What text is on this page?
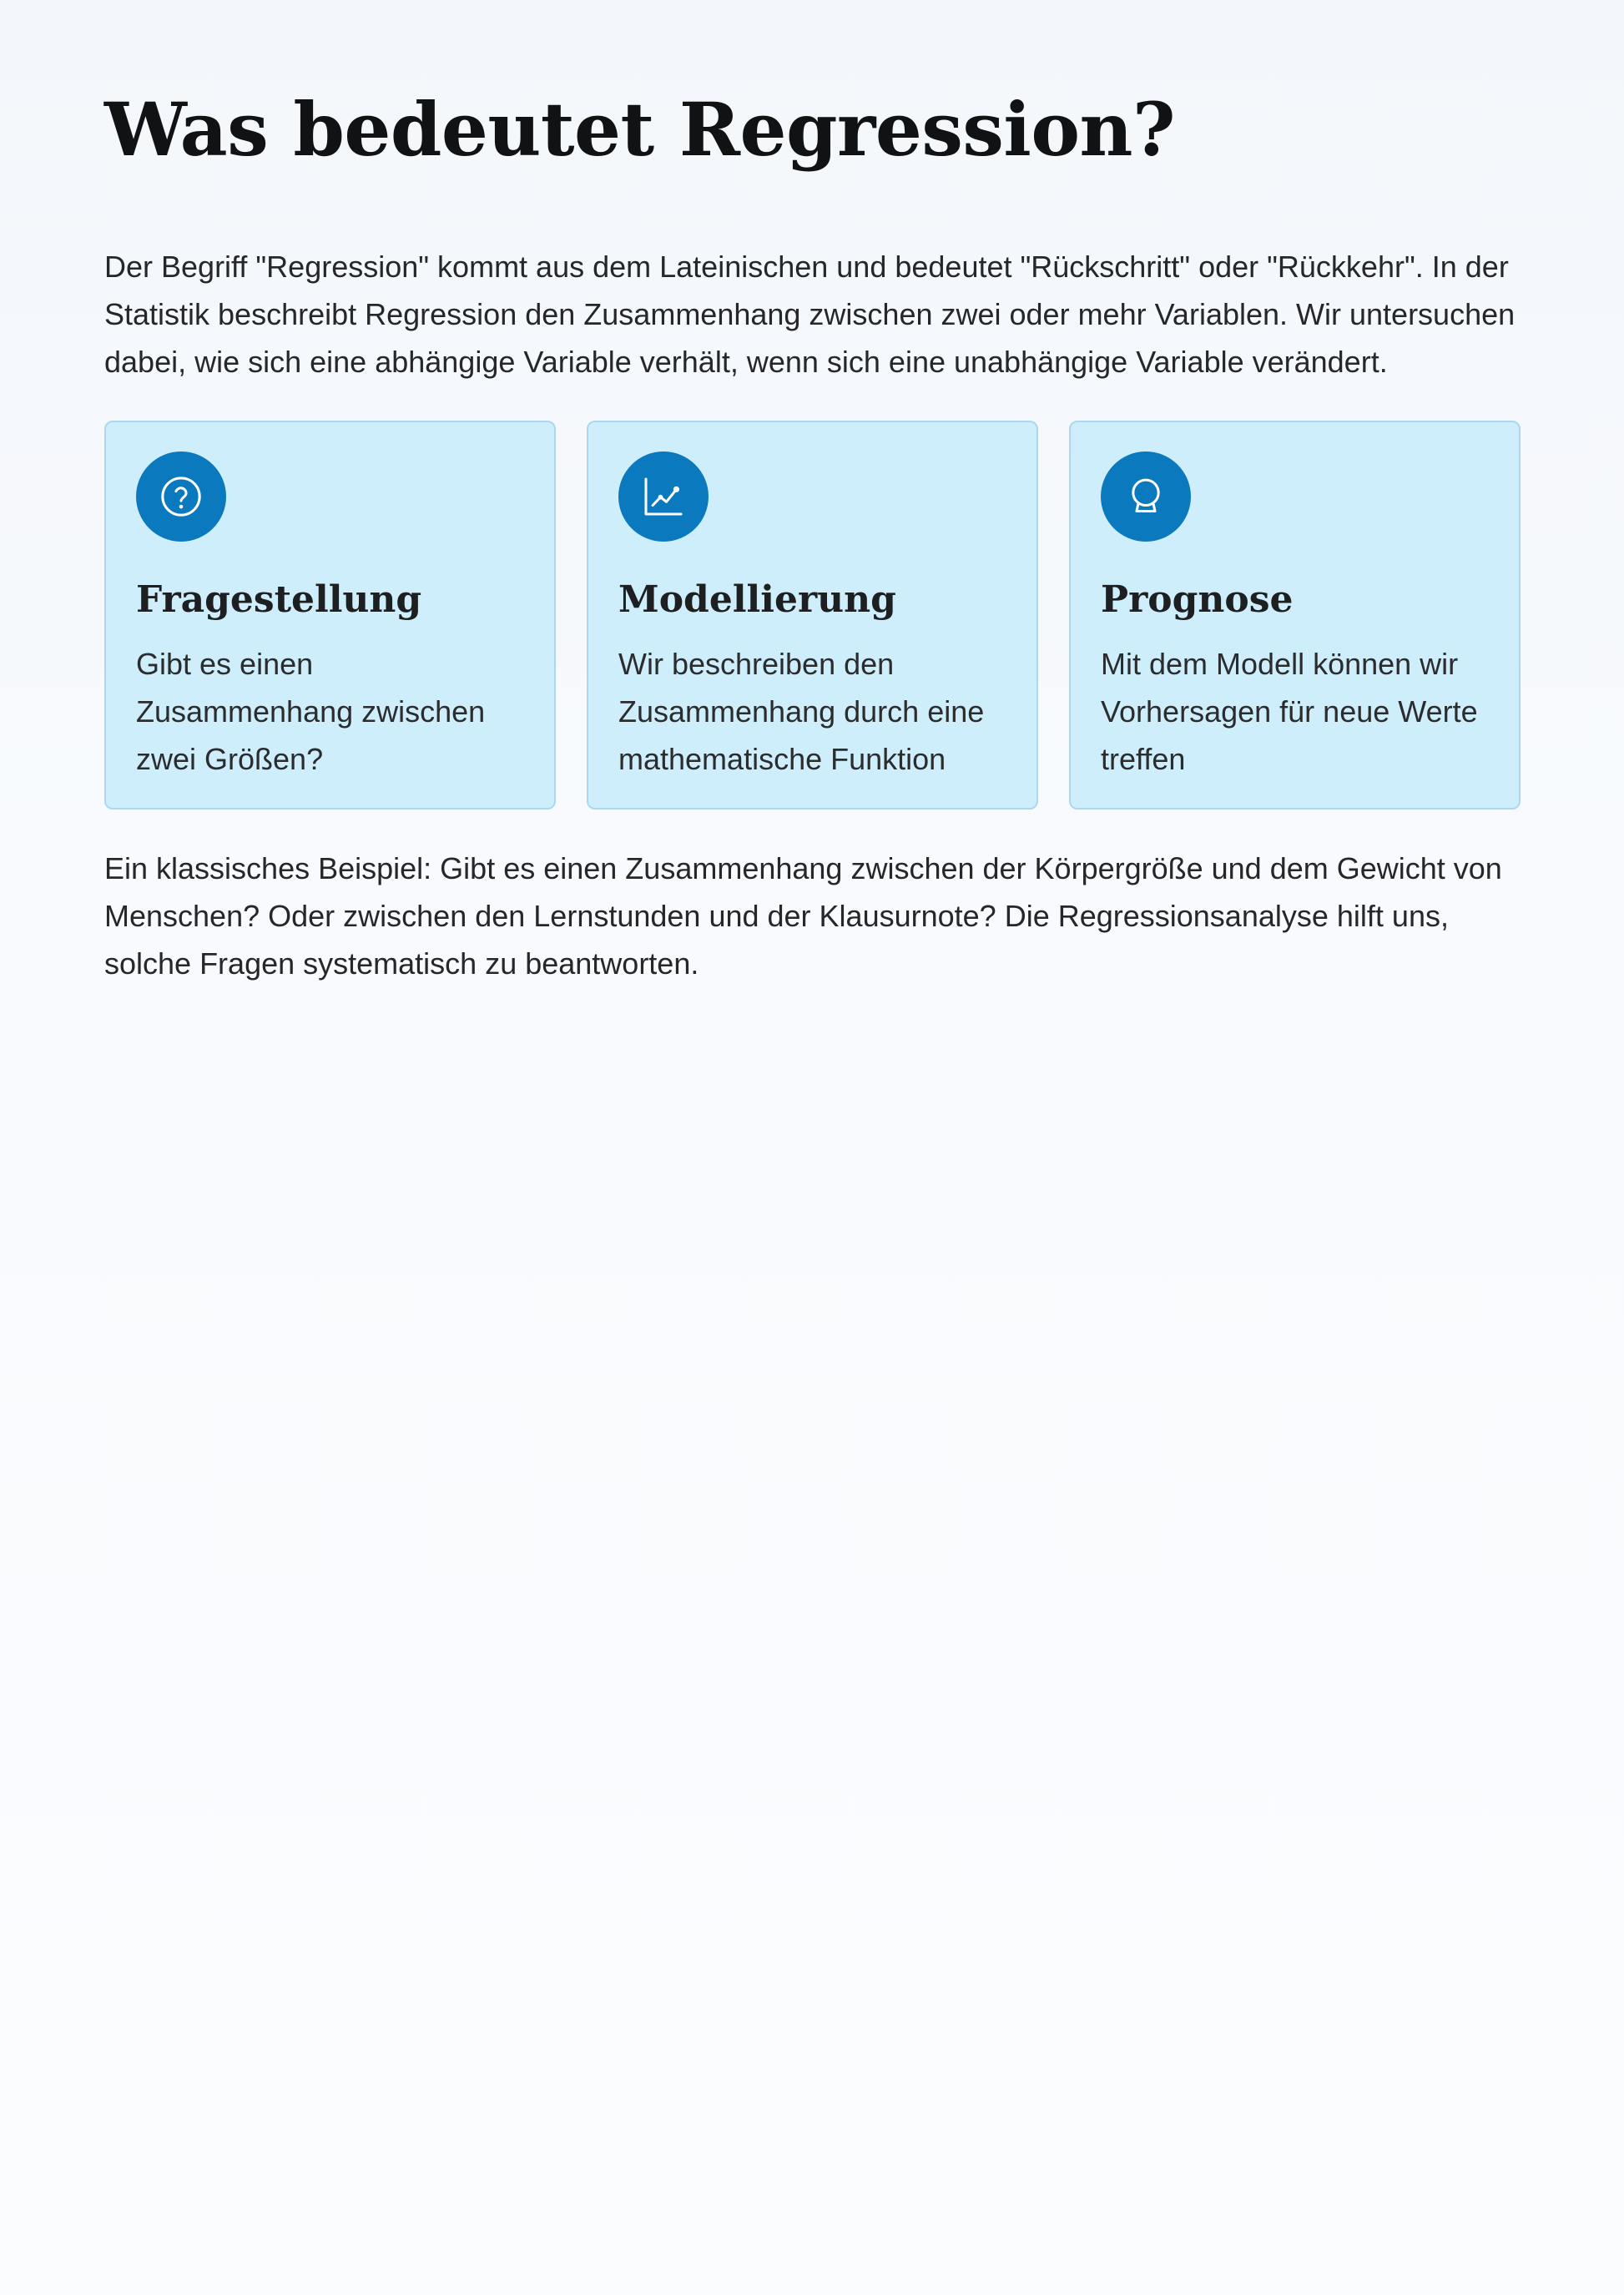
Was bedeutet Regression?

Der Begriff "Regression" kommt aus dem Lateinischen und bedeutet "Rückschritt" oder "Rückkehr". In der Statistik beschreibt Regression den Zusammenhang zwischen zwei oder mehr Variablen. Wir untersuchen dabei, wie sich eine abhängige Variable verhält, wenn sich eine unabhängige Variable verändert.

Fragestellung

Gibt es einen Zusammenhang zwischen zwei Größen?

Modellierung

Wir beschreiben den Zusammenhang durch eine mathematische Funktion

Prognose

Mit dem Modell können wir Vorhersagen für neue Werte treffen

Ein klassisches Beispiel: Gibt es einen Zusammenhang zwischen der Körpergröße und dem Gewicht von Menschen? Oder zwischen den Lernstunden und der Klausurnote? Die Regressionsanalyse hilft uns, solche Fragen systematisch zu beantworten.
